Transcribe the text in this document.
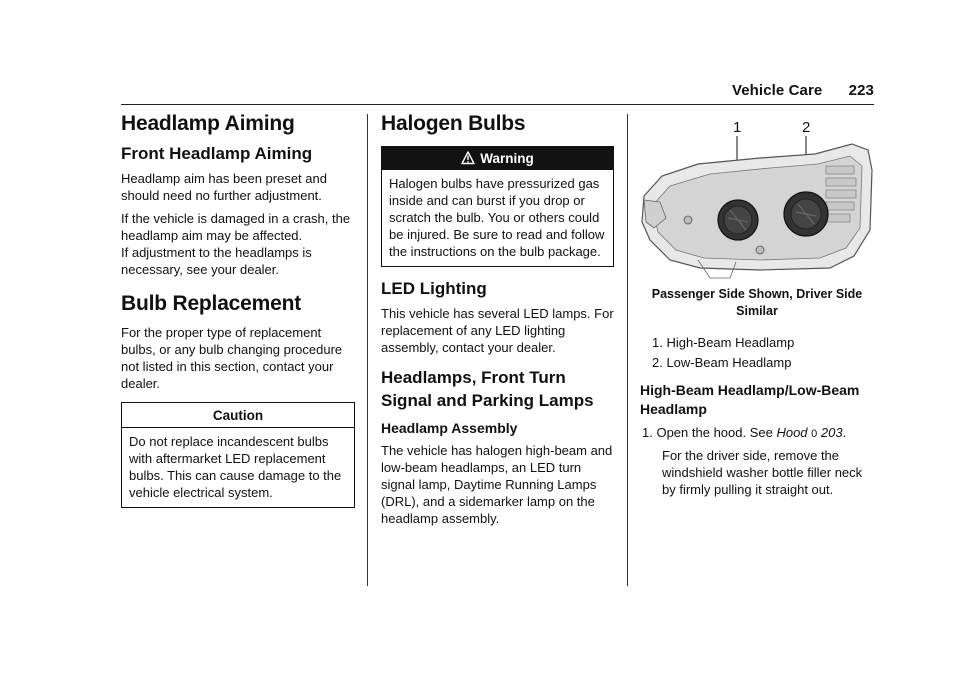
Vehicle Care 223
Headlamp Aiming
Front Headlamp Aiming

Headlamp aim has been preset and should need no further adjustment.

If the vehicle is damaged in a crash, the headlamp aim may be affected.

If adjustment to the headlamps is necessary, see your dealer.

Bulb Replacement

For the proper type of replacement bulbs, or any bulb changing procedure not listed in this section, contact your dealer.

Caution
Do not replace incandescent bulbs with aftermarket LED replacement bulbs. This can cause damage to the vehicle electrical system.
Halogen Bulbs
Warning
Halogen bulbs have pressurized gas inside and can burst if you drop or scratch the bulb. You or others could be injured. Be sure to read and follow the instructions on the bulb package.
LED Lighting

This vehicle has several LED lamps. For replacement of any LED lighting assembly, contact your dealer.

Headlamps, Front Turn Signal and Parking Lamps
Headlamp Assembly

The vehicle has halogen high-beam and low-beam headlamps, an LED turn signal lamp, Daytime Running Lamps (DRL), and a sidemarker lamp on the headlamp assembly.

1	2
Passenger Side Shown, Driver Side Similar
1. High-Beam Headlamp
2. Low-Beam Headlamp
High-Beam Headlamp/Low-Beam Headlamp
1. Open the hood. See Hood 0 203.
For the driver side, remove the windshield washer bottle filler neck by firmly pulling it straight out.
